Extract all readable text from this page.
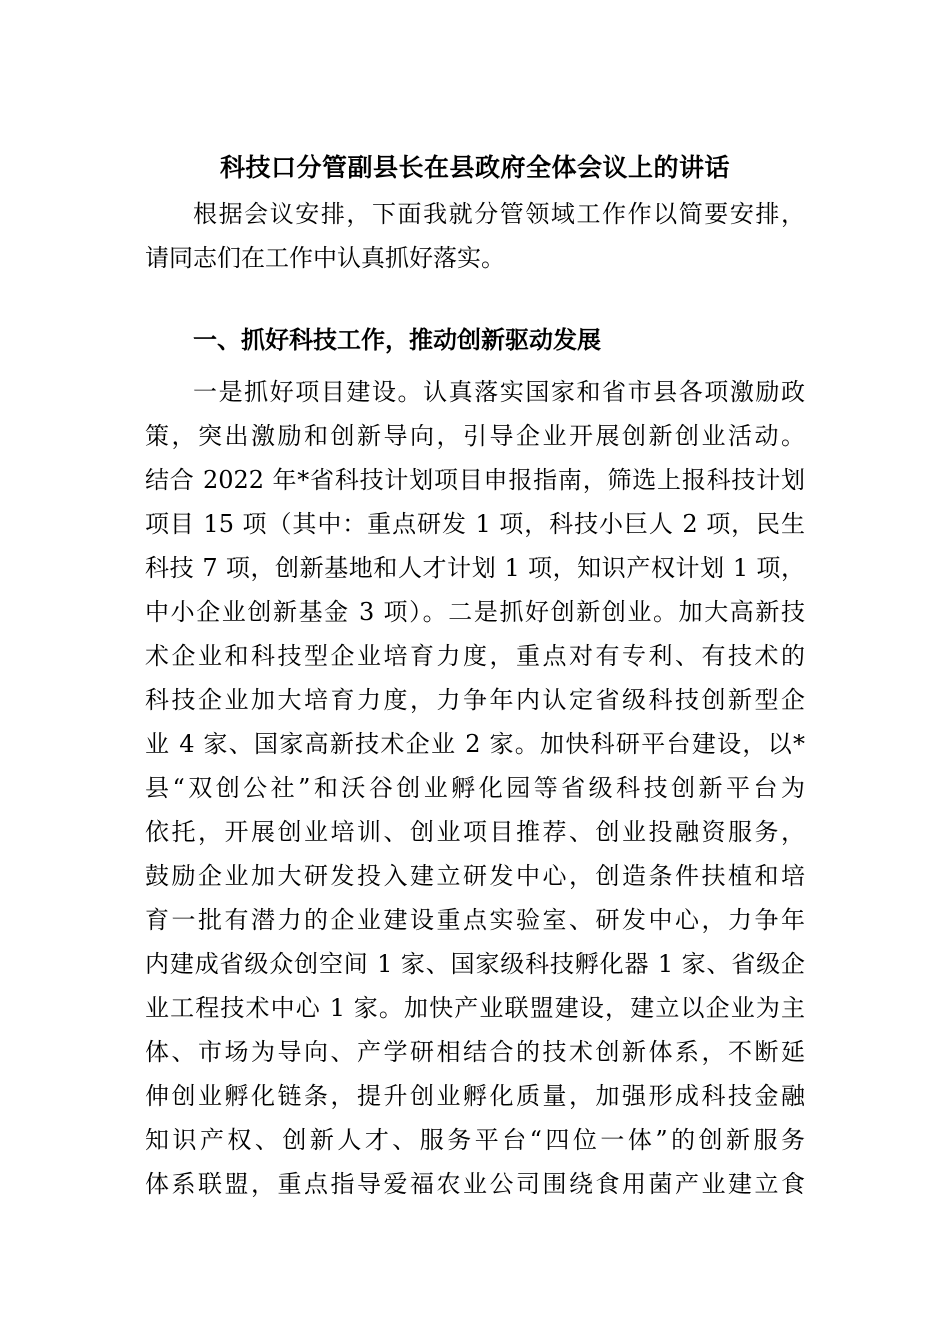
科技口分管副县长在县政府全体会议上的讲话
根据会议安排，下面我就分管领域工作作以简要安排，
请同志们在工作中认真抓好落实。
一、抓好科技工作，推动创新驱动发展
一是抓好项目建设。认真落实国家和省市县各项激励政
策，突出激励和创新导向，引导企业开展创新创业活动。
结合 2022 年*省科技计划项目申报指南，筛选上报科技计划
项目 15 项（其中：重点研发 1 项，科技小巨人 2 项，民生
科技 7 项，创新基地和人才计划 1 项，知识产权计划 1 项，
中小企业创新基金 3 项）。二是抓好创新创业。加大高新技
术企业和科技型企业培育力度，重点对有专利、有技术的
科技企业加大培育力度，力争年内认定省级科技创新型企
业 4 家、国家高新技术企业 2 家。加快科研平台建设，以*
县“双创公社”和沃谷创业孵化园等省级科技创新平台为
依托，开展创业培训、创业项目推荐、创业投融资服务，
鼓励企业加大研发投入建立研发中心，创造条件扶植和培
育一批有潜力的企业建设重点实验室、研发中心，力争年
内建成省级众创空间 1 家、国家级科技孵化器 1 家、省级企
业工程技术中心 1 家。加快产业联盟建设，建立以企业为主
体、市场为导向、产学研相结合的技术创新体系，不断延
伸创业孵化链条，提升创业孵化质量，加强形成科技金融
知识产权、创新人才、服务平台“四位一体”的创新服务
体系联盟，重点指导爱福农业公司围绕食用菌产业建立食
